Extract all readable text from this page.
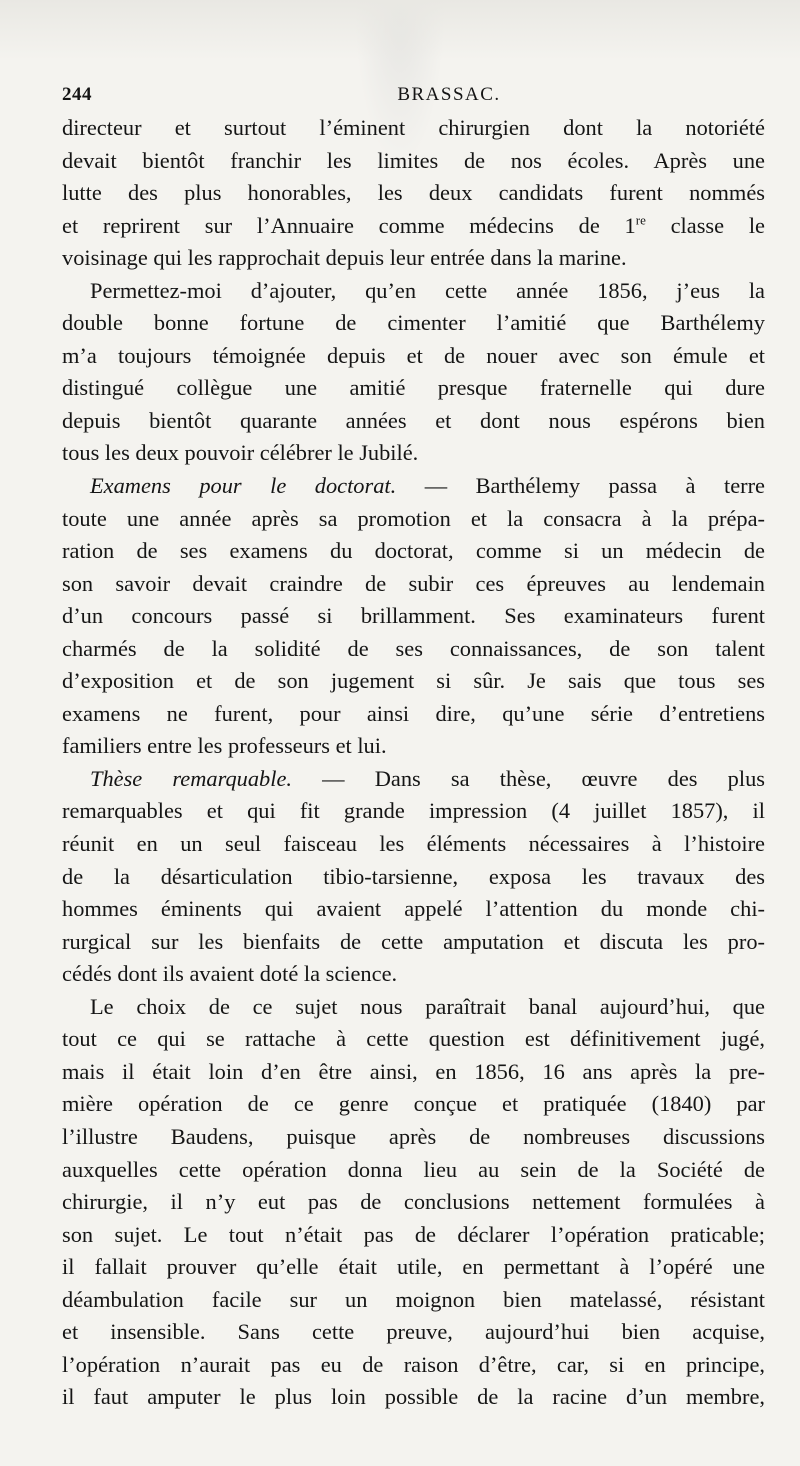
244	BRASSAC.
directeur et surtout l’éminent chirurgien dont la notoriété
devait bientôt franchir les limites de nos écoles. Après une
lutte des plus honorables, les deux candidats furent nommés
et reprirent sur l’Annuaire comme médecins de 1re classe le
voisinage qui les rapprochait depuis leur entrée dans la marine.
Permettez-moi d’ajouter, qu’en cette année 1856, j’eus la
double bonne fortune de cimenter l’amitié que Barthélemy
m’a toujours témoignée depuis et de nouer avec son émule et
distingué collègue une amitié presque fraternelle qui dure
depuis bientôt quarante années et dont nous espérons bien
tous les deux pouvoir célébrer le Jubilé.
Examens pour le doctorat. — Barthélemy passa à terre
toute une année après sa promotion et la consacra à la prépa-
ration de ses examens du doctorat, comme si un médecin de
son savoir devait craindre de subir ces épreuves au lendemain
d’un concours passé si brillamment. Ses examinateurs furent
charmés de la solidité de ses connaissances, de son talent
d’exposition et de son jugement si sûr. Je sais que tous ses
examens ne furent, pour ainsi dire, qu’une série d’entretiens
familiers entre les professeurs et lui.
Thèse remarquable. — Dans sa thèse, œuvre des plus
remarquables et qui fit grande impression (4 juillet 1857), il
réunit en un seul faisceau les éléments nécessaires à l’histoire
de la désarticulation tibio-tarsienne, exposa les travaux des
hommes éminents qui avaient appelé l’attention du monde chi-
rurgical sur les bienfaits de cette amputation et discuta les pro-
cédés dont ils avaient doté la science.
Le choix de ce sujet nous paraîtrait banal aujourd’hui, que
tout ce qui se rattache à cette question est définitivement jugé,
mais il était loin d’en être ainsi, en 1856, 16 ans après la pre-
mière opération de ce genre conçue et pratiquée (1840) par
l’illustre Baudens, puisque après de nombreuses discussions
auxquelles cette opération donna lieu au sein de la Société de
chirurgie, il n’y eut pas de conclusions nettement formulées à
son sujet. Le tout n’était pas de déclarer l’opération praticable;
il fallait prouver qu’elle était utile, en permettant à l’opéré une
déambulation facile sur un moignon bien matelassé, résistant
et insensible. Sans cette preuve, aujourd’hui bien acquise,
l’opération n’aurait pas eu de raison d’être, car, si en principe,
il faut amputer le plus loin possible de la racine d’un membre,
